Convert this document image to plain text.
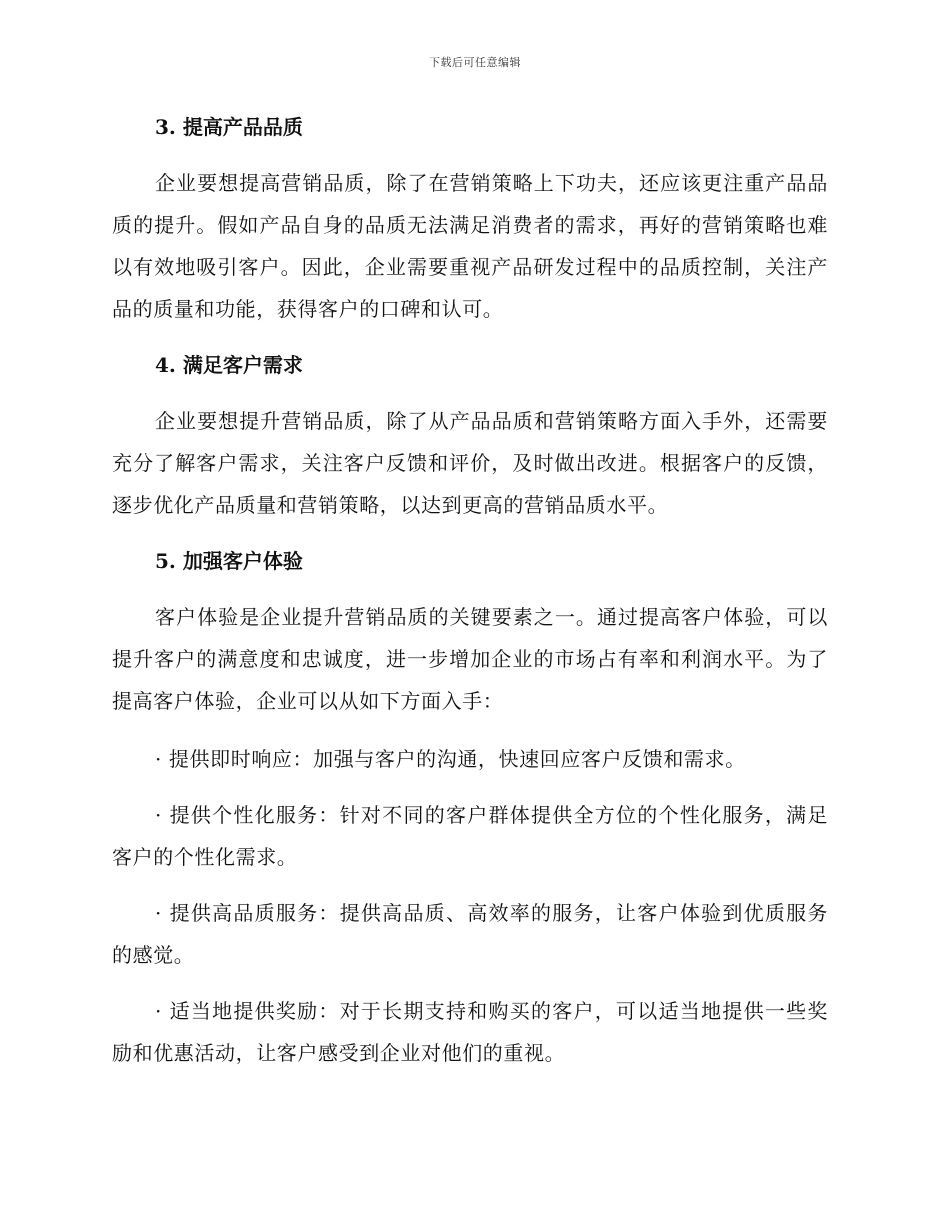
下载后可任意编辑
3. 提高产品品质

企业要想提高营销品质，除了在营销策略上下功夫，还应该更注重产品品质的提升。假如产品自身的品质无法满足消费者的需求，再好的营销策略也难以有效地吸引客户。因此，企业需要重视产品研发过程中的品质控制，关注产品的质量和功能，获得客户的口碑和认可。

4. 满足客户需求

企业要想提升营销品质，除了从产品品质和营销策略方面入手外，还需要充分了解客户需求，关注客户反馈和评价，及时做出改进。根据客户的反馈，逐步优化产品质量和营销策略，以达到更高的营销品质水平。

5. 加强客户体验

客户体验是企业提升营销品质的关键要素之一。通过提高客户体验，可以提升客户的满意度和忠诚度，进一步增加企业的市场占有率和利润水平。为了提高客户体验，企业可以从如下方面入手：

· 提供即时响应：加强与客户的沟通，快速回应客户反馈和需求。

· 提供个性化服务：针对不同的客户群体提供全方位的个性化服务，满足客户的个性化需求。

· 提供高品质服务：提供高品质、高效率的服务，让客户体验到优质服务的感觉。

· 适当地提供奖励：对于长期支持和购买的客户，可以适当地提供一些奖励和优惠活动，让客户感受到企业对他们的重视。
